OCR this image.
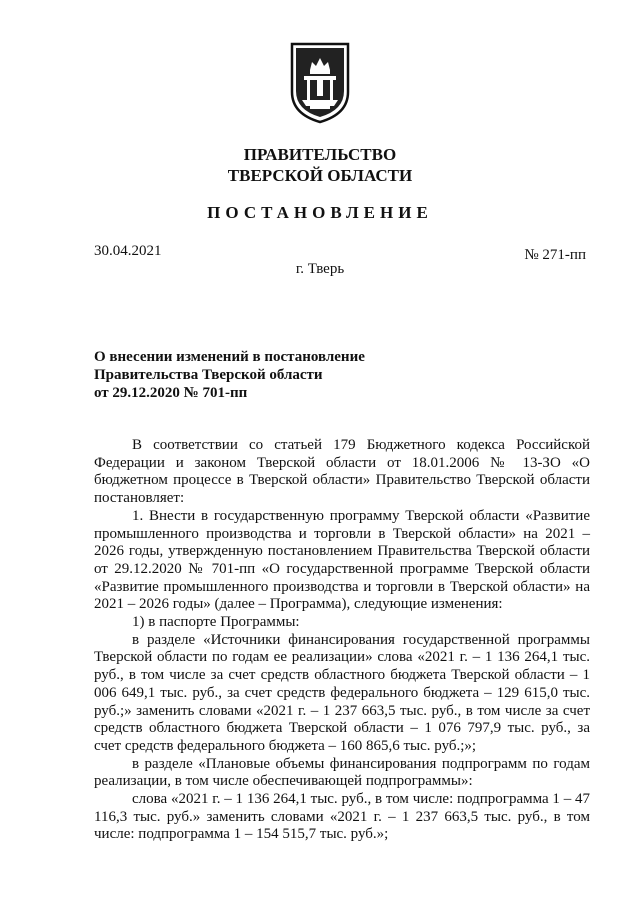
ПРАВИТЕЛЬСТВО
ТВЕРСКОЙ ОБЛАСТИ
ПОСТАНОВЛЕНИЕ
30.04.2021	№ 271-пп
г. Тверь
О внесении изменений в постановление
Правительства Тверской области
от 29.12.2020 № 701-пп

В соответствии со статьей 179 Бюджетного кодекса Российской Федерации и законом Тверской области от 18.01.2006 № 13-ЗО «О бюджетном процессе в Тверской области» Правительство Тверской области постановляет:

1. Внести в государственную программу Тверской области «Развитие промышленного производства и торговли в Тверской области» на 2021 – 2026 годы, утвержденную постановлением Правительства Тверской области от 29.12.2020 № 701-пп «О государственной программе Тверской области «Развитие промышленного производства и торговли в Тверской области» на 2021 – 2026 годы» (далее – Программа), следующие изменения:

1) в паспорте Программы:

в разделе «Источники финансирования государственной программы Тверской области по годам ее реализации» слова «2021 г. – 1 136 264,1 тыс. руб., в том числе за счет средств областного бюджета Тверской области – 1 006 649,1 тыс. руб., за счет средств федерального бюджета – 129 615,0 тыс. руб.;» заменить словами «2021 г. – 1 237 663,5 тыс. руб., в том числе за счет средств областного бюджета Тверской области – 1 076 797,9 тыс. руб., за счет средств федерального бюджета – 160 865,6 тыс. руб.;»;

в разделе «Плановые объемы финансирования подпрограмм по годам реализации, в том числе обеспечивающей подпрограммы»:

слова «2021 г. – 1 136 264,1 тыс. руб., в том числе: подпрограмма 1 – 47 116,3 тыс. руб.» заменить словами «2021 г. – 1 237 663,5 тыс. руб., в том числе: подпрограмма 1 – 154 515,7 тыс. руб.»;
